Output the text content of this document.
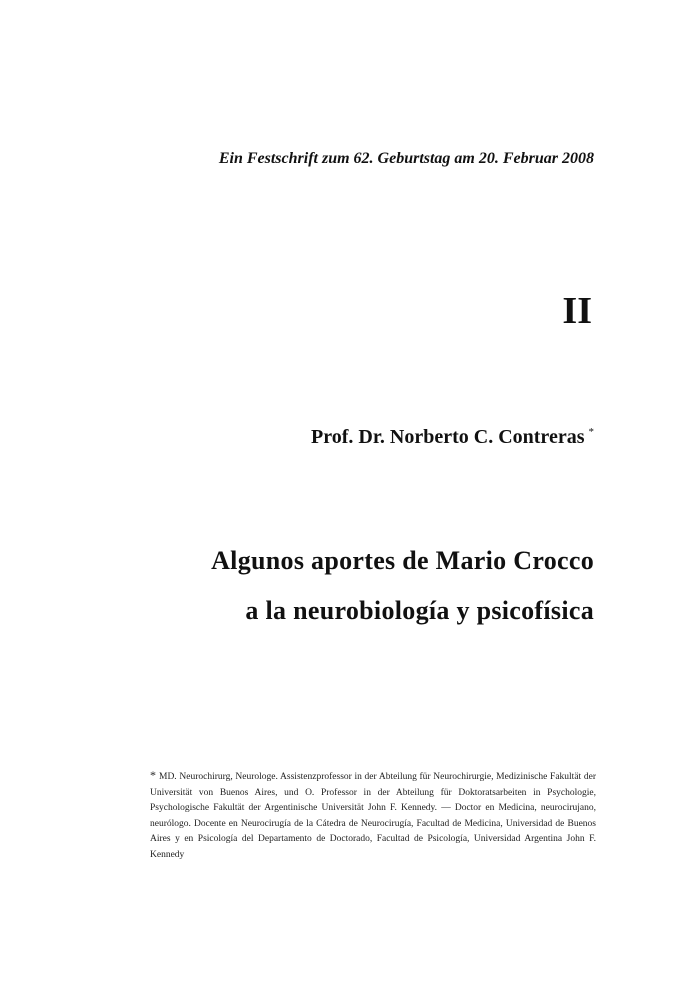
Ein Festschrift zum 62. Geburtstag am 20. Februar 2008
II
Prof. Dr. Norberto C. Contreras *
Algunos aportes de Mario Crocco
a la neurobiología y psicofísica
* MD. Neurochirurg, Neurologe. Assistenzprofessor in der Abteilung für Neurochirurgie, Medizinische Fakultät der Universität von Buenos Aires, und O. Professor in der Abteilung für Doktoratsarbeiten in Psychologie, Psychologische Fakultät der Argentinische Universität John F. Kennedy. — Doctor en Medicina, neurocirujano, neurólogo. Docente en Neurocirugía de la Cátedra de Neurocirugía, Facultad de Medicina, Universidad de Buenos Aires y en Psicología del Departamento de Doctorado, Facultad de Psicología, Universidad Argentina John F. Kennedy
